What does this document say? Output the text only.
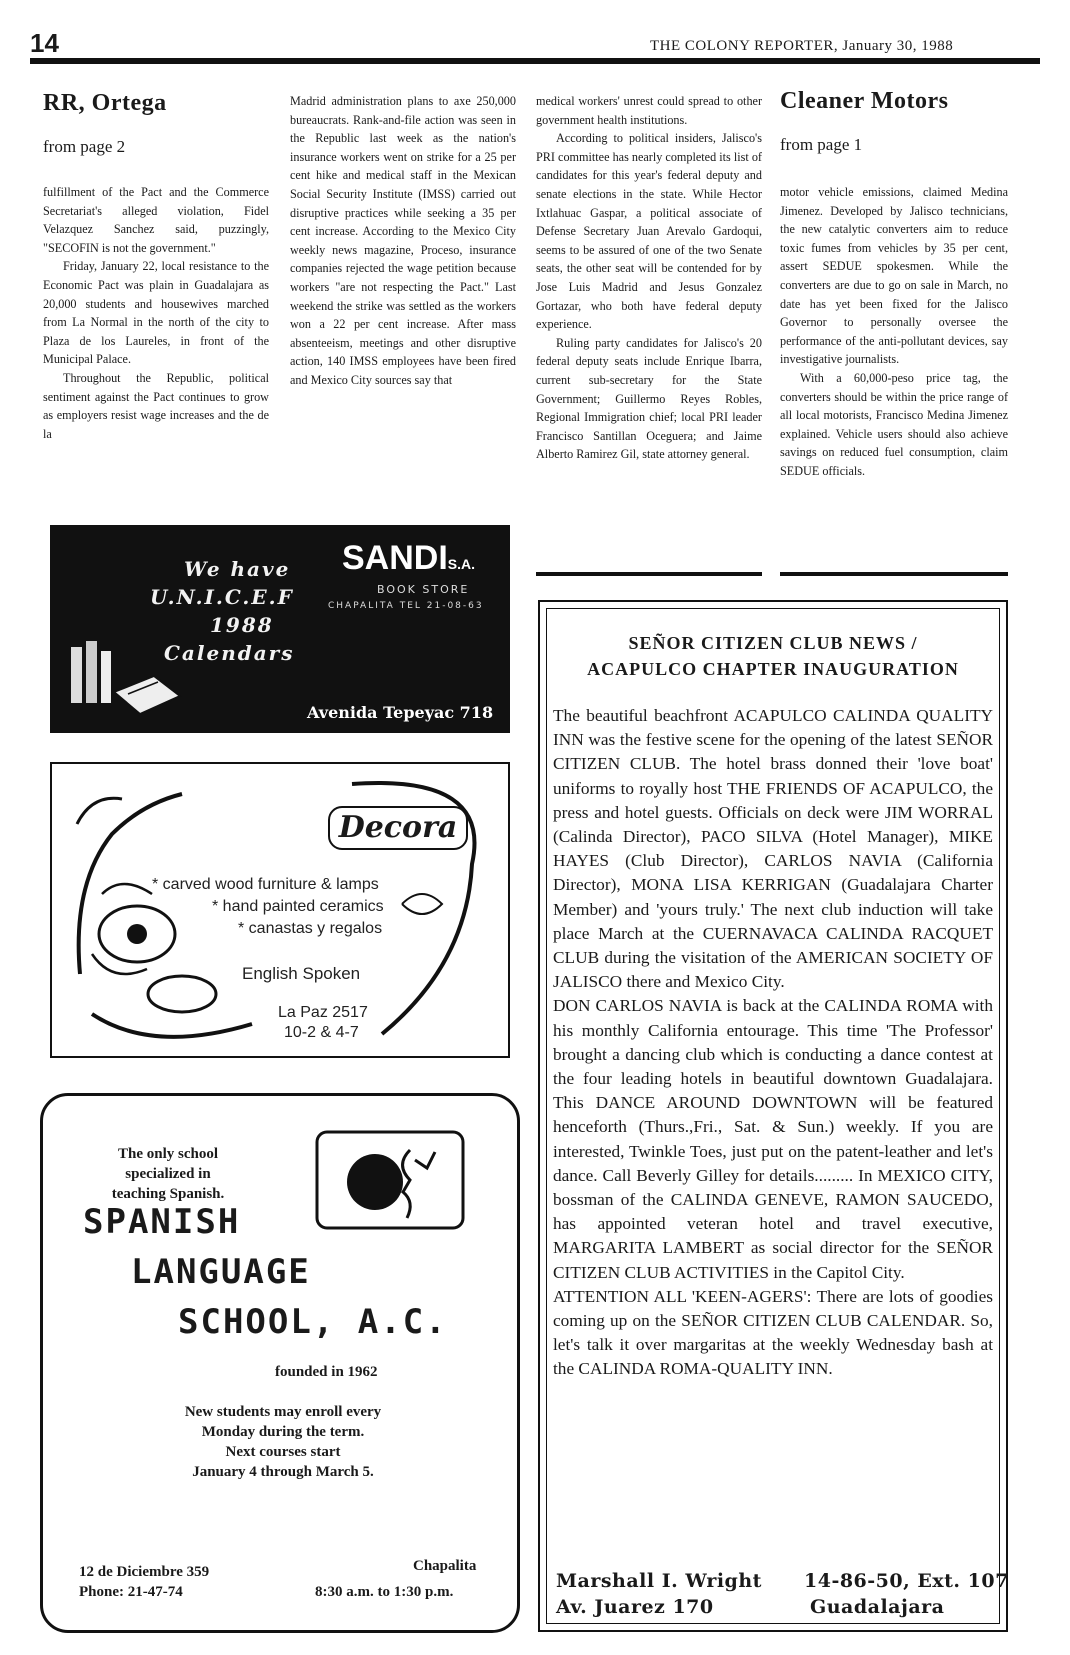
14	THE COLONY REPORTER, January 30, 1988
RR, Ortega
from page 2

fulfillment of the Pact and the Commerce Secretariat's alleged violation, Fidel Velazquez Sanchez said, puzzingly, "SECOFIN is not the government."

Friday, January 22, local resistance to the Economic Pact was plain in Guadalajara as 20,000 students and housewives marched from La Normal in the north of the city to Plaza de los Laureles, in front of the Municipal Palace.

Throughout the Republic, political sentiment against the Pact continues to grow as employers resist wage increases and the de la

Madrid administration plans to axe 250,000 bureaucrats. Rank-and-file action was seen in the Republic last week as the nation's insurance workers went on strike for a 25 per cent hike and medical staff in the Mexican Social Security Institute (IMSS) carried out disruptive practices while seeking a 35 per cent increase. According to the Mexico City weekly news magazine, Proceso, insurance companies rejected the wage petition because workers "are not respecting the Pact." Last weekend the strike was settled as the workers won a 22 per cent increase. After mass absenteeism, meetings and other disruptive action, 140 IMSS employees have been fired and Mexico City sources say that

medical workers' unrest could spread to other government health institutions.

According to political insiders, Jalisco's PRI committee has nearly completed its list of candidates for this year's federal deputy and senate elections in the state. While Hector Ixtlahuac Gaspar, a political associate of Defense Secretary Juan Arevalo Gardoqui, seems to be assured of one of the two Senate seats, the other seat will be contended for by Jose Luis Madrid and Jesus Gonzalez Gortazar, who both have federal deputy experience.

Ruling party candidates for Jalisco's 20 federal deputy seats include Enrique Ibarra, current sub-secretary for the State Government; Guillermo Reyes Robles, Regional Immigration chief; local PRI leader Francisco Santillan Oceguera; and Jaime Alberto Ramirez Gil, state attorney general.

Cleaner Motors
from page 1

motor vehicle emissions, claimed Medina Jimenez. Developed by Jalisco technicians, the new catalytic converters aim to reduce toxic fumes from vehicles by 35 per cent, assert SEDUE spokesmen. While the converters are due to go on sale in March, no date has yet been fixed for the Jalisco Governor to personally oversee the performance of the anti-pollutant devices, say investigative journalists.

With a 60,000-peso price tag, the converters should be within the price range of all local motorists, Francisco Medina Jimenez explained. Vehicle users should also achieve savings on reduced fuel consumption, claim SEDUE officials.

We have
U.N.I.C.E.F
1988
Calendars
SANDIS.A.
BOOK STORE
CHAPALITA TEL 21-08-63
Avenida Tepeyac 718
Decora
* carved wood furniture & lamps
* hand painted ceramics
* canastas y regalos
English Spoken
La Paz 2517
10-2 & 4-7
The only school
specialized in
teaching Spanish.
SPANISH
LANGUAGE
SCHOOL, A.C.
founded in 1962
New students may enroll every
Monday during the term.
Next courses start
January 4 through March 5.
12 de Diciembre 359
Phone: 21-47-74
Chapalita
8:30 a.m. to 1:30 p.m.
SEÑOR CITIZEN CLUB NEWS /
ACAPULCO CHAPTER INAUGURATION

The beautiful beachfront ACAPULCO CALINDA QUALITY INN was the festive scene for the opening of the latest SEÑOR CITIZEN CLUB. The hotel brass donned their 'love boat' uniforms to royally host THE FRIENDS OF ACAPULCO, the press and hotel guests. Officials on deck were JIM WORRAL (Calinda Director), PACO SILVA (Hotel Manager), MIKE HAYES (Club Director), CARLOS NAVIA (California Director), MONA LISA KERRIGAN (Guadalajara Charter Member) and 'yours truly.' The next club induction will take place March at the CUERNAVACA CALINDA RACQUET CLUB during the visitation of the AMERICAN SOCIETY OF JALISCO there and Mexico City.

DON CARLOS NAVIA is back at the CALINDA ROMA with his monthly California entourage. This time 'The Professor' brought a dancing club which is conducting a dance contest at the four leading hotels in beautiful downtown Guadalajara. This DANCE AROUND DOWNTOWN will be featured henceforth (Thurs.,Fri., Sat. & Sun.) weekly. If you are interested, Twinkle Toes, just put on the patent-leather and let's dance. Call Beverly Gilley for details......... In MEXICO CITY, bossman of the CALINDA GENEVE, RAMON SAUCEDO, has appointed veteran hotel and travel executive, MARGARITA LAMBERT as social director for the SEÑOR CITIZEN CLUB ACTIVITIES in the Capitol City.

ATTENTION ALL 'KEEN-AGERS': There are lots of goodies coming up on the SEÑOR CITIZEN CLUB CALENDAR. So, let's talk it over margaritas at the weekly Wednesday bash at the CALINDA ROMA-QUALITY INN.

Marshall I. Wright 14-86-50, Ext. 107
Av. Juarez 170	Guadalajara
